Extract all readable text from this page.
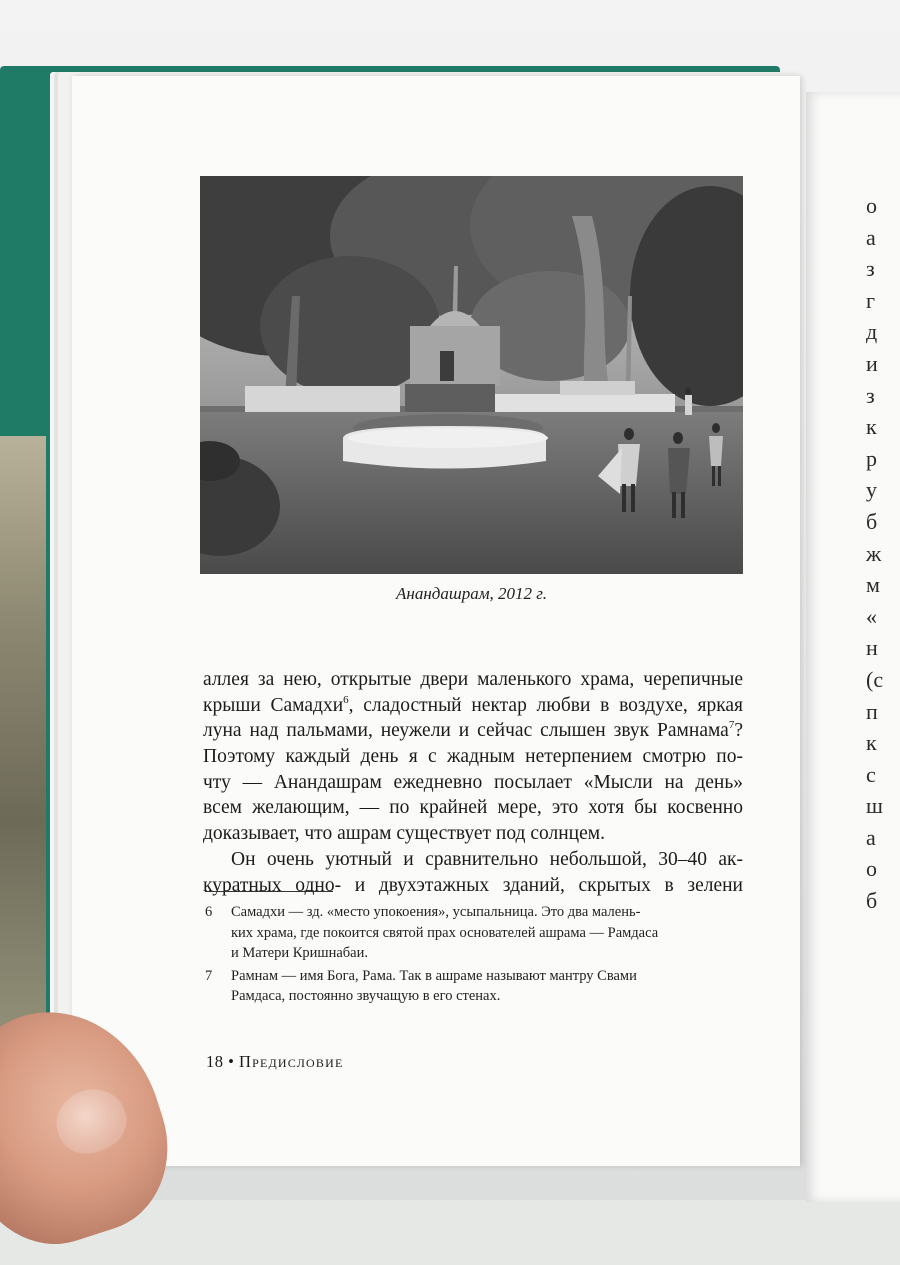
о
а
з
г
д
и
з
к
р
у
б
ж
м
«
н
(с
п
к
с
ш
а
о
б
Анандашрам, 2012 г.
аллея за нею, открытые двери маленького храма, черепичные
крыши Самадхи$^6$, сладостный нектар любви в воздухе, яркая
луна над пальмами, неужели и сейчас слышен звук Рамнама$^7$?
Поэтому каждый день я с жадным нетерпением смотрю по-
чту — Анандашрам ежедневно посылает «Мысли на день»
всем желающим, — по крайней мере, это хотя бы косвенно
доказывает, что ашрам существует под солнцем.
Он очень уютный и сравнительно небольшой, 30–40 ак-
куратных одно- и двухэтажных зданий, скрытых в зелени
6 Самадхи — зд. «место упокоения», усыпальница. Это два малень-
ких храма, где покоится святой прах основателей ашрама — Рамдаса
и Матери Кришнабаи.
7 Рамнам — имя Бога, Рама. Так в ашраме называют мантру Свами
Рамдаса, постоянно звучащую в его стенах.
18 • Предисловие
